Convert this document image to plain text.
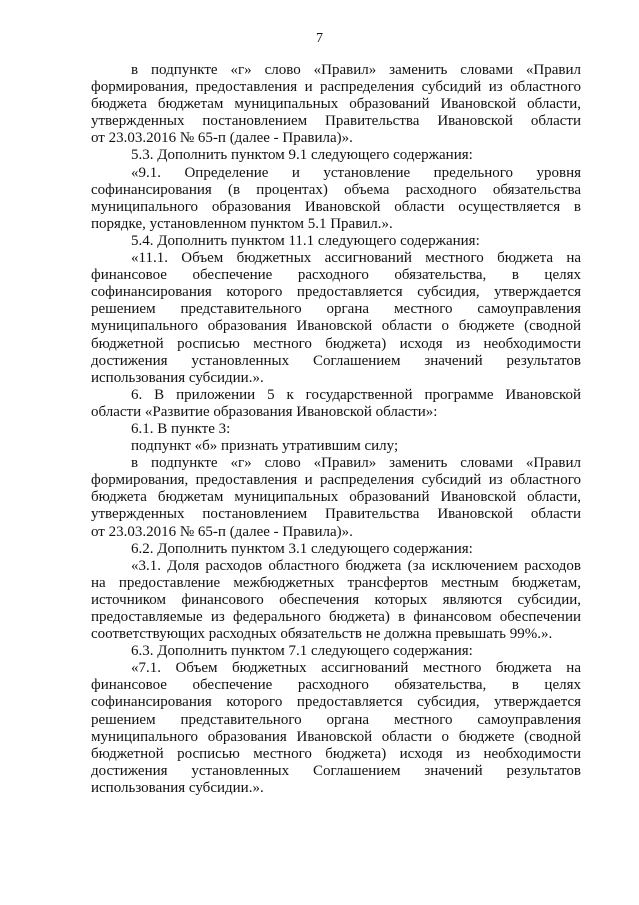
7
в подпункте «г» слово «Правил» заменить словами «Правил
формирования, предоставления и распределения субсидий из областного
бюджета бюджетам муниципальных образований Ивановской области,
утвержденных постановлением Правительства Ивановской области
от 23.03.2016 № 65-п (далее - Правила)».
5.3. Дополнить пунктом 9.1 следующего содержания:
«9.1. Определение и установление предельного уровня
софинансирования (в процентах) объема расходного обязательства
муниципального образования Ивановской области осуществляется в
порядке, установленном пунктом 5.1 Правил.».
5.4. Дополнить пунктом 11.1 следующего содержания:
«11.1. Объем бюджетных ассигнований местного бюджета на
финансовое обеспечение расходного обязательства, в целях
софинансирования которого предоставляется субсидия, утверждается
решением представительного органа местного самоуправления
муниципального образования Ивановской области о бюджете (сводной
бюджетной росписью местного бюджета) исходя из необходимости
достижения установленных Соглашением значений результатов
использования субсидии.».
6. В приложении 5 к государственной программе Ивановской
области «Развитие образования Ивановской области»:
6.1. В пункте 3:
подпункт «б» признать утратившим силу;
в подпункте «г» слово «Правил» заменить словами «Правил
формирования, предоставления и распределения субсидий из областного
бюджета бюджетам муниципальных образований Ивановской области,
утвержденных постановлением Правительства Ивановской области
от 23.03.2016 № 65-п (далее - Правила)».
6.2. Дополнить пунктом 3.1 следующего содержания:
«3.1. Доля расходов областного бюджета (за исключением расходов
на предоставление межбюджетных трансфертов местным бюджетам,
источником финансового обеспечения которых являются субсидии,
предоставляемые из федерального бюджета) в финансовом обеспечении
соответствующих расходных обязательств не должна превышать 99%.».
6.3. Дополнить пунктом 7.1 следующего содержания:
«7.1. Объем бюджетных ассигнований местного бюджета на
финансовое обеспечение расходного обязательства, в целях
софинансирования которого предоставляется субсидия, утверждается
решением представительного органа местного самоуправления
муниципального образования Ивановской области о бюджете (сводной
бюджетной росписью местного бюджета) исходя из необходимости
достижения установленных Соглашением значений результатов
использования субсидии.».
